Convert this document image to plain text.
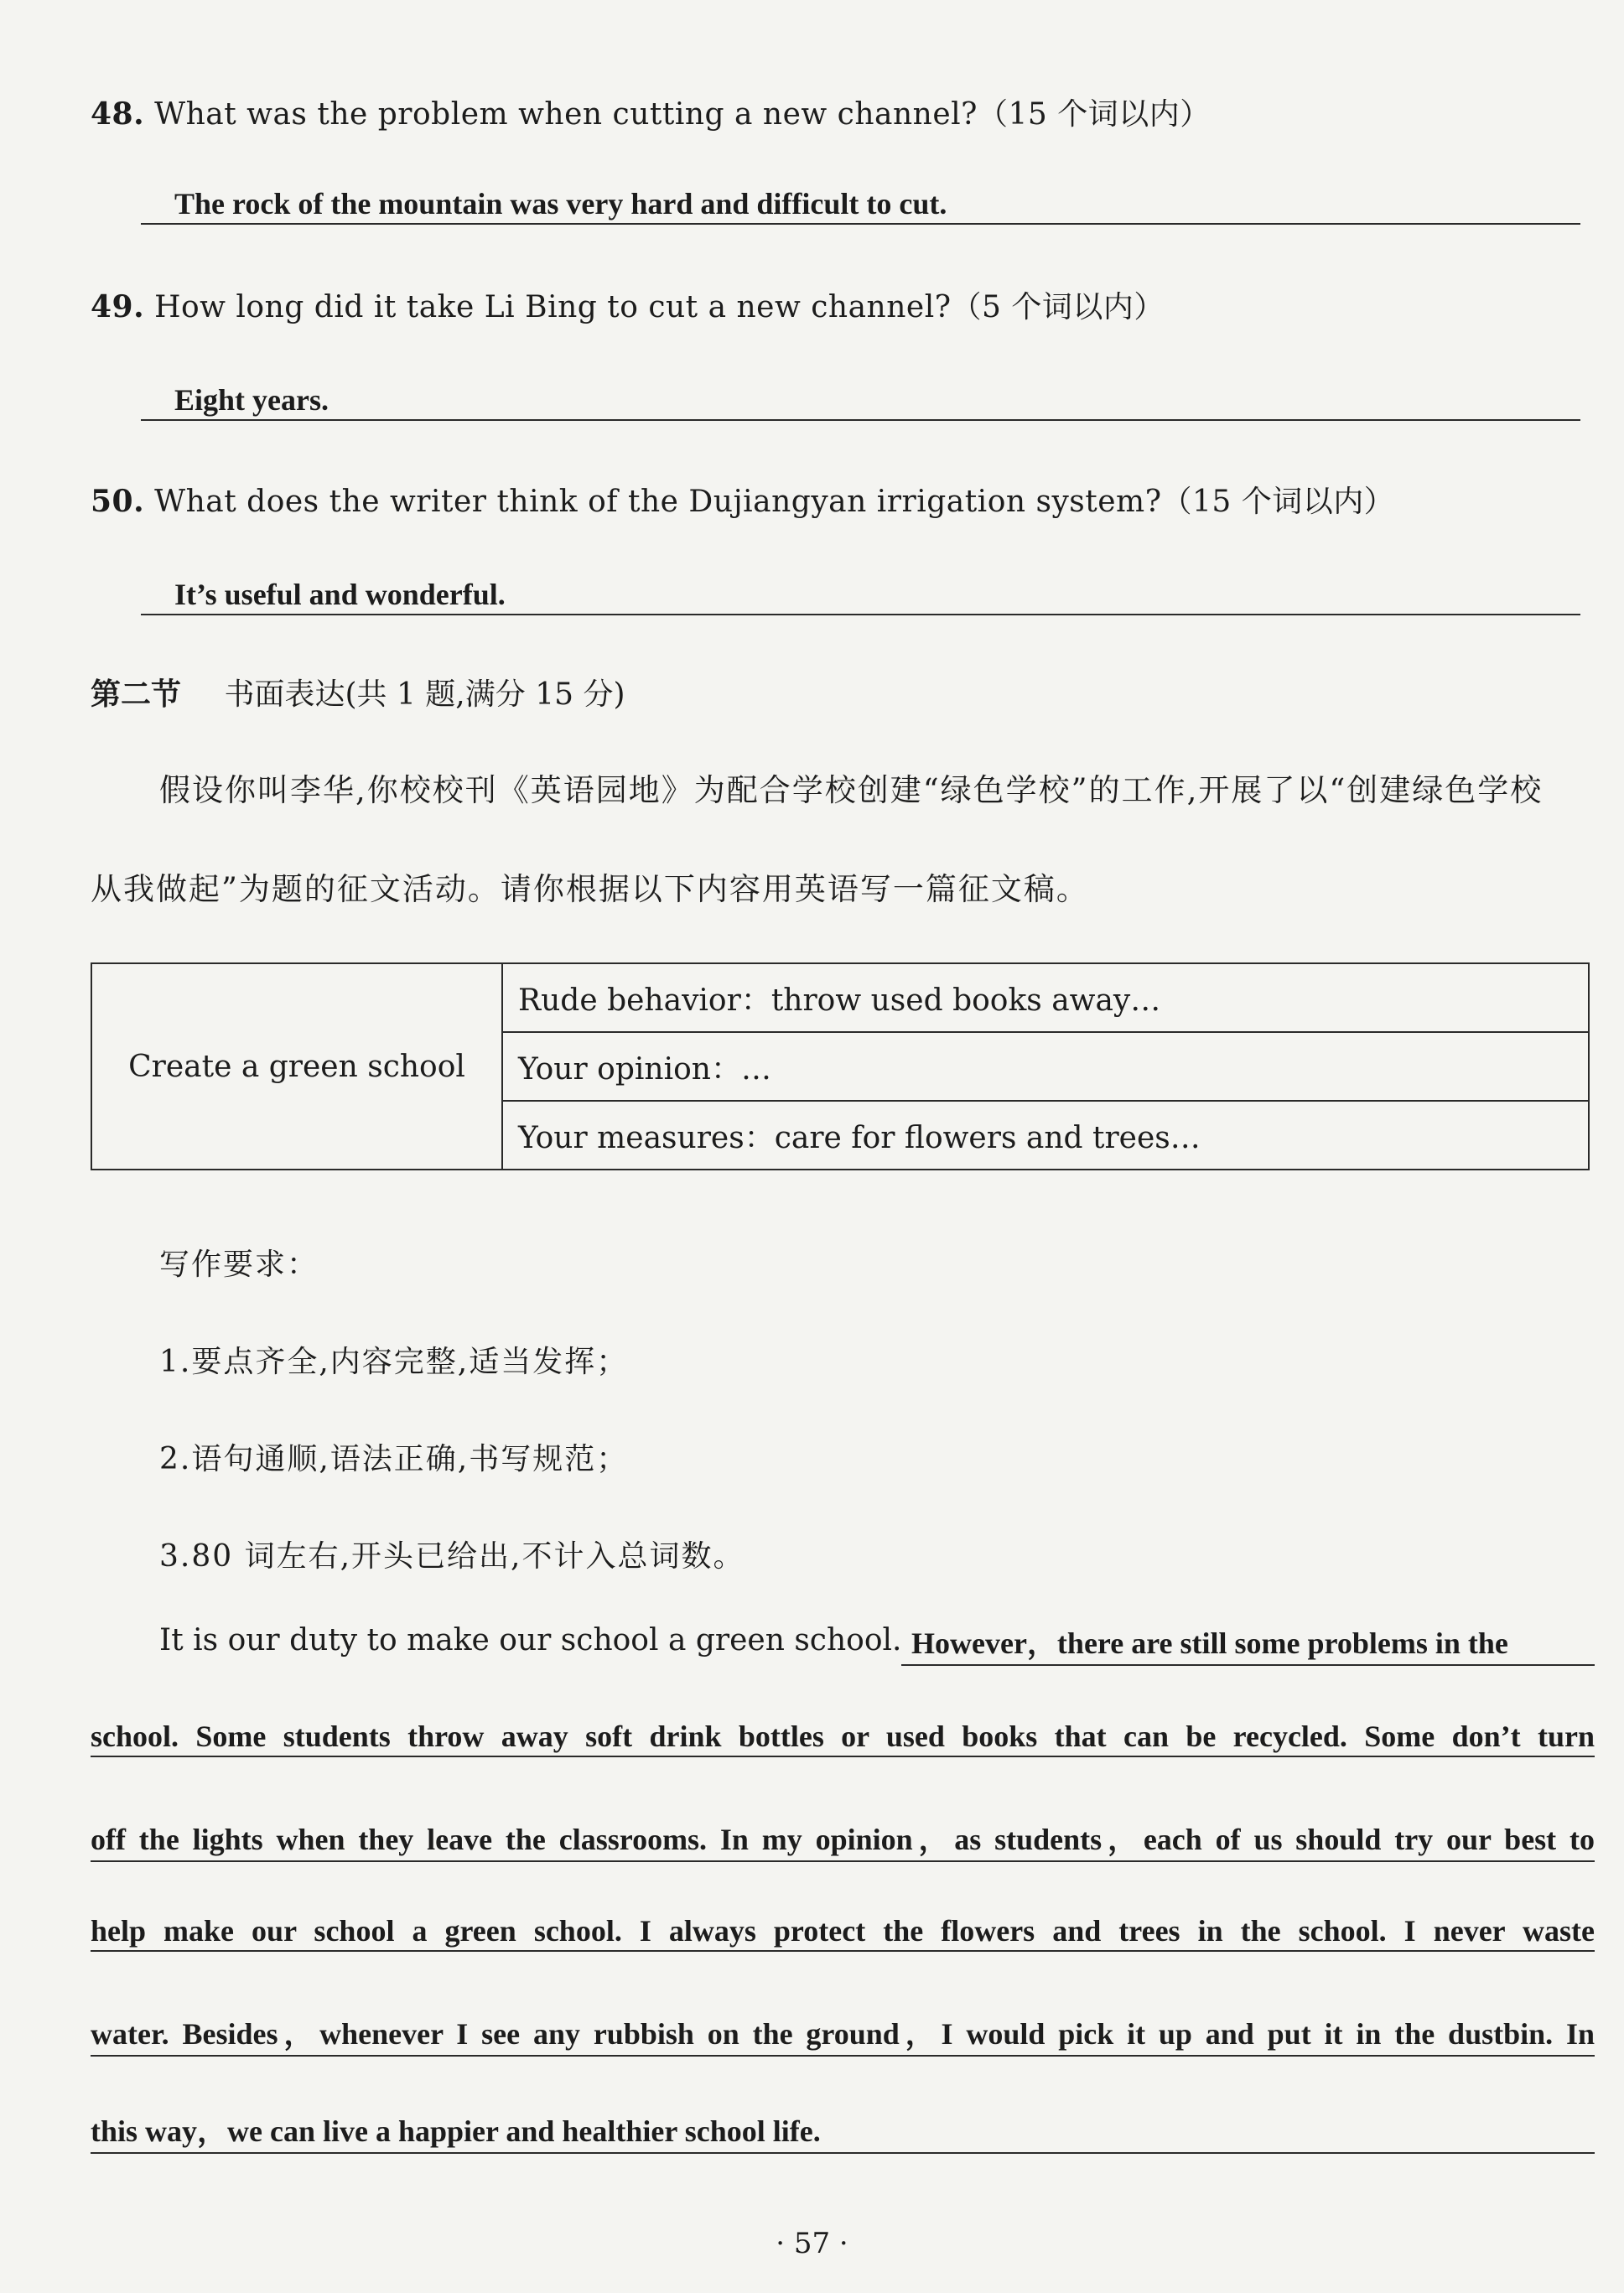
48. What was the problem when cutting a new channel?（15 个词以内）
The rock of the mountain was very hard and difficult to cut.
49. How long did it take Li Bing to cut a new channel?（5 个词以内）
Eight years.
50. What does the writer think of the Dujiangyan irrigation system?（15 个词以内）
It’s useful and wonderful.
第二节 书面表达(共 1 题,满分 15 分)
假设你叫李华,你校校刊《英语园地》为配合学校创建“绿色学校”的工作,开展了以“创建绿色学校
从我做起”为题的征文活动。请你根据以下内容用英语写一篇征文稿。
Create a green school	Rude behavior：throw used books away…
Your opinion：…
Your measures：care for flowers and trees…
写作要求：
1.要点齐全,内容完整,适当发挥；
2.语句通顺,语法正确,书写规范；
3.80 词左右,开头已给出,不计入总词数。
It is our duty to make our school a green school. However，there are still some problems in the
school. Some students throw away soft drink bottles or used books that can be recycled. Some don’t turn
off the lights when they leave the classrooms. In my opinion，as students，each of us should try our best to
help make our school a green school. I always protect the flowers and trees in the school. I never waste
water. Besides，whenever I see any rubbish on the ground，I would pick it up and put it in the dustbin. In
this way，we can live a happier and healthier school life.
· 57 ·
